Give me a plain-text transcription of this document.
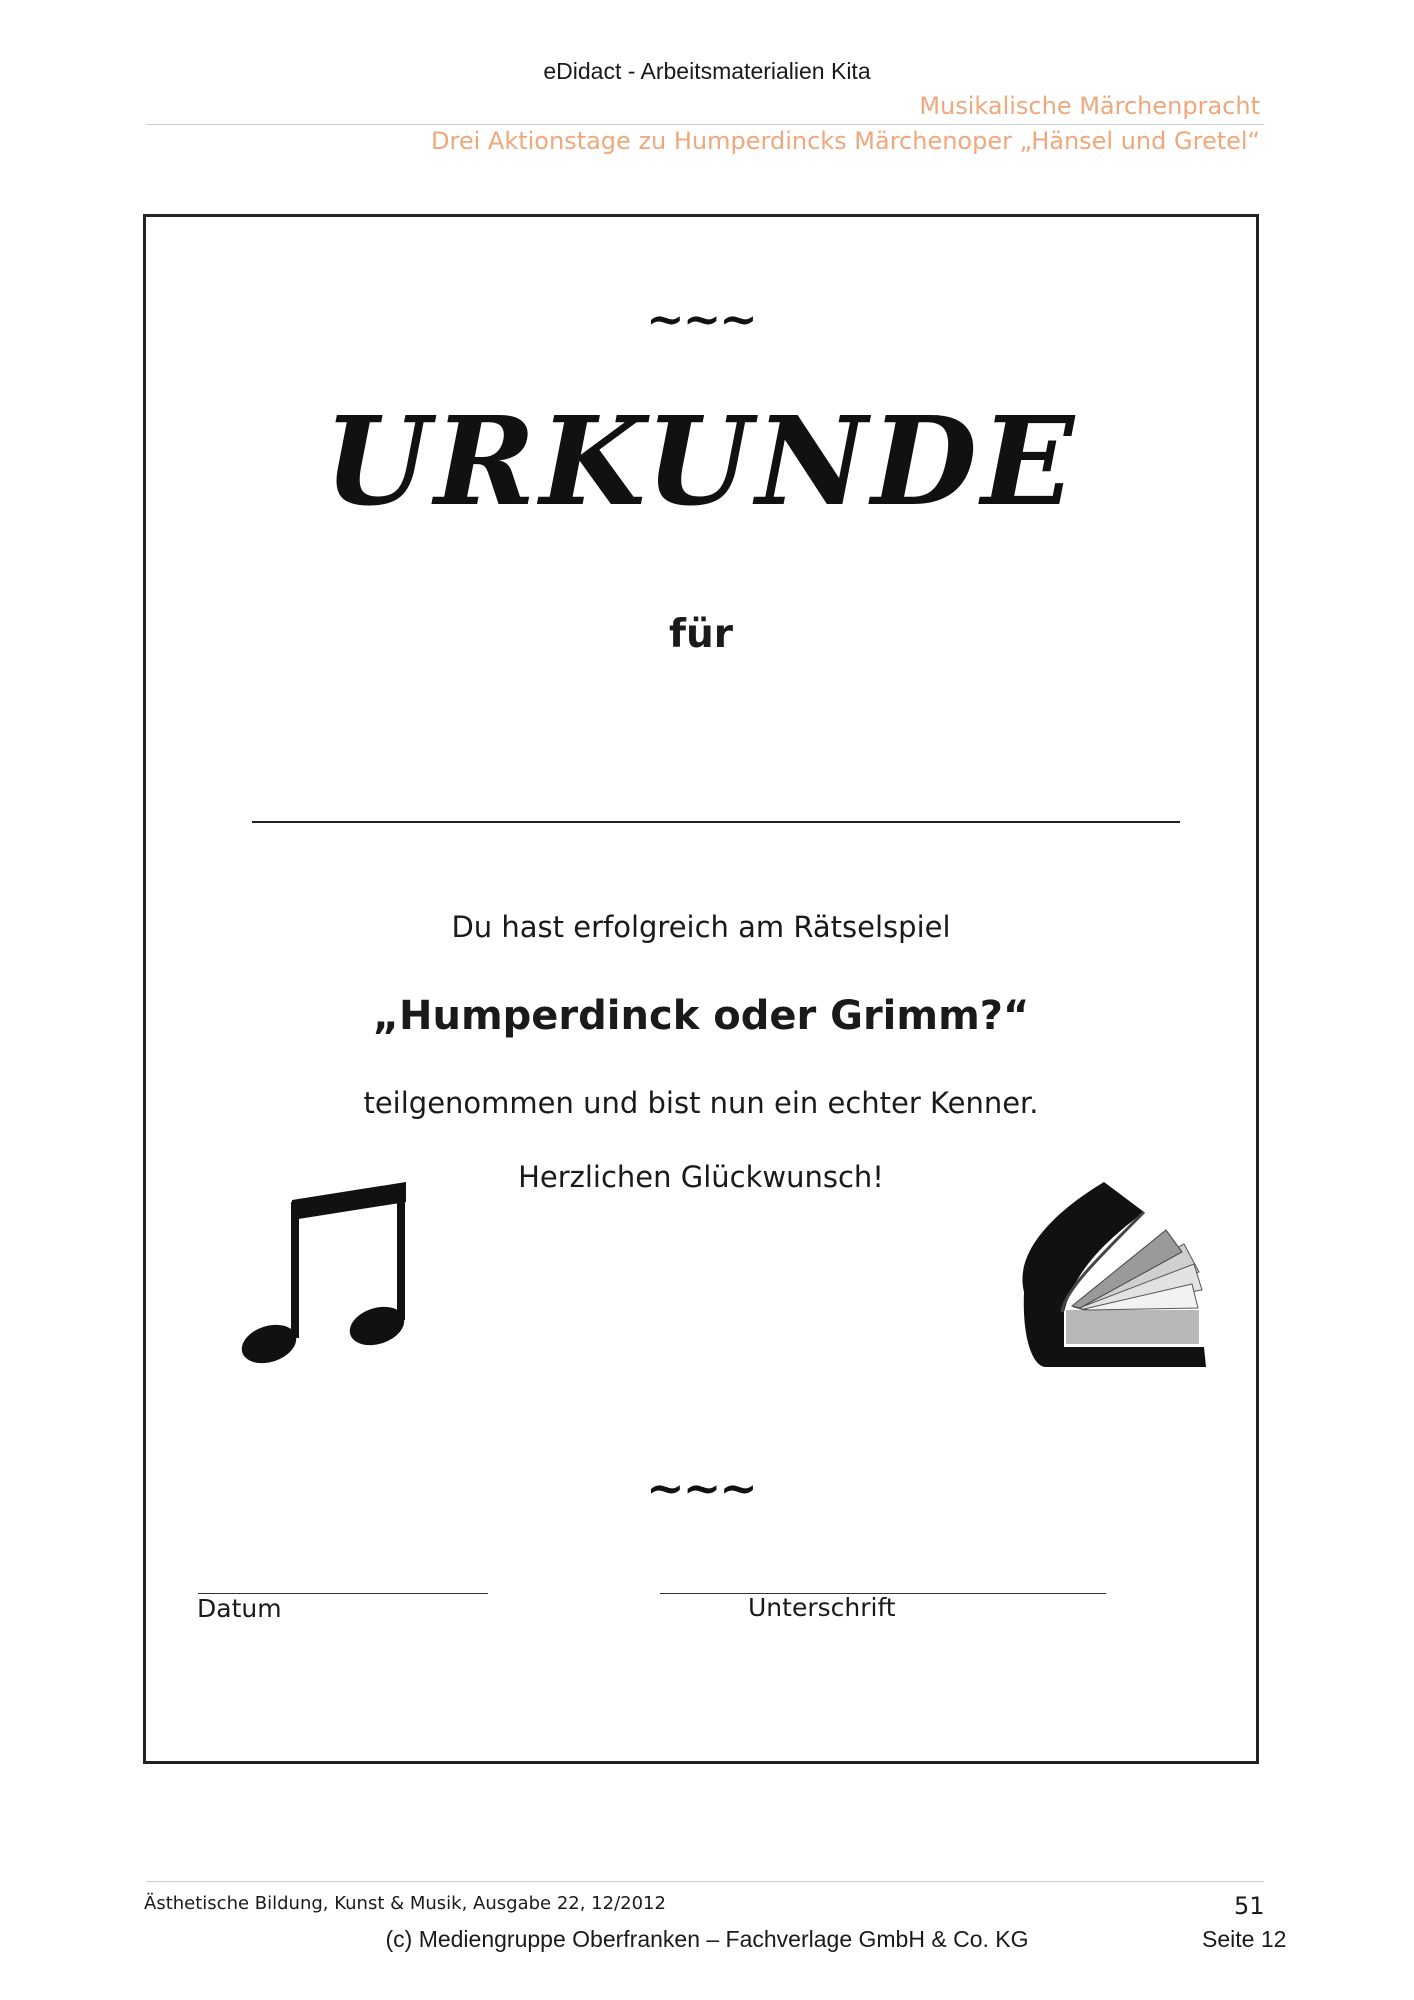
eDidact - Arbeitsmaterialien Kita
Musikalische Märchenpracht
Drei Aktionstage zu Humperdincks Märchenoper „Hänsel und Gretel“
~~~
URKUNDE
für
Du hast erfolgreich am Rätselspiel
„Humperdinck oder Grimm?“
teilgenommen und bist nun ein echter Kenner.
Herzlichen Glückwunsch!
~~~
Datum	Unterschrift
Ästhetische Bildung, Kunst & Musik, Ausgabe 22, 12/2012	51
(c) Mediengruppe Oberfranken – Fachverlage GmbH & Co. KG	Seite 12
